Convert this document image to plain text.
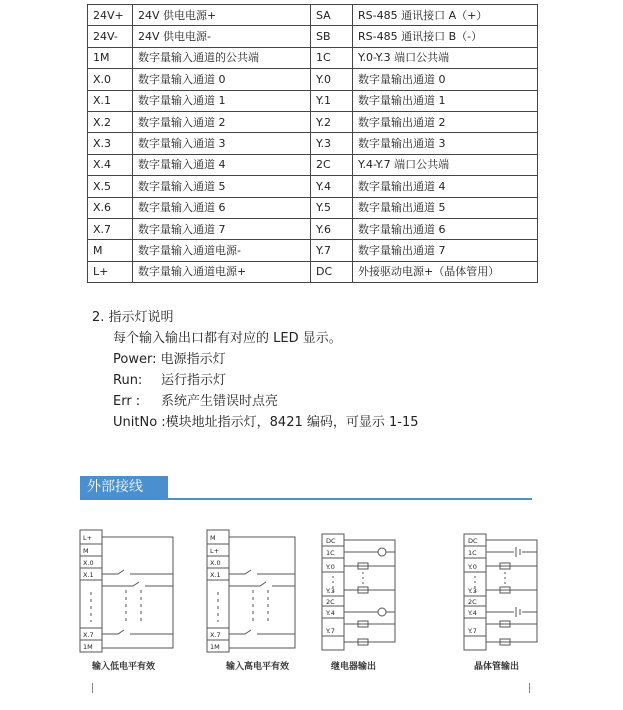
24V+	24V 供电电源+	SA	RS-485 通讯接口 A（+）
24V-	24V 供电电源-	SB	RS-485 通讯接口 B（-）
1M	数字量输入通道的公共端	1C	Y.0-Y.3 端口公共端
X.0	数字量输入通道 0	Y.0	数字量输出通道 0
X.1	数字量输入通道 1	Y.1	数字量输出通道 1
X.2	数字量输入通道 2	Y.2	数字量输出通道 2
X.3	数字量输入通道 3	Y.3	数字量输出通道 3
X.4	数字量输入通道 4	2C	Y.4-Y.7 端口公共端
X.5	数字量输入通道 5	Y.4	数字量输出通道 4
X.6	数字量输入通道 6	Y.5	数字量输出通道 5
X.7	数字量输入通道 7	Y.6	数字量输出通道 6
M	数字量输入通道电源-	Y.7	数字量输出通道 7
L+	数字量输入通道电源+	DC	外接驱动电源+（晶体管用）
2. 指示灯说明
每个输入输出口都有对应的 LED 显示。
Power: 电源指示灯
Run: 运行指示灯
Err : 系统产生错误时点亮
UnitNo :模块地址指示灯，8421 编码，可显示 1-15
外部接线
L+
M
X.0
X.1
X.7
1M
输入低电平有效
M
L+
X.0
X.1
X.7
1M
输入高电平有效
DC
1C
Y.0
Y.3
2C
Y.4
Y.7
继电器输出
DC
1C
Y.0
Y.3
2C
Y.4
Y.7
晶体管输出
